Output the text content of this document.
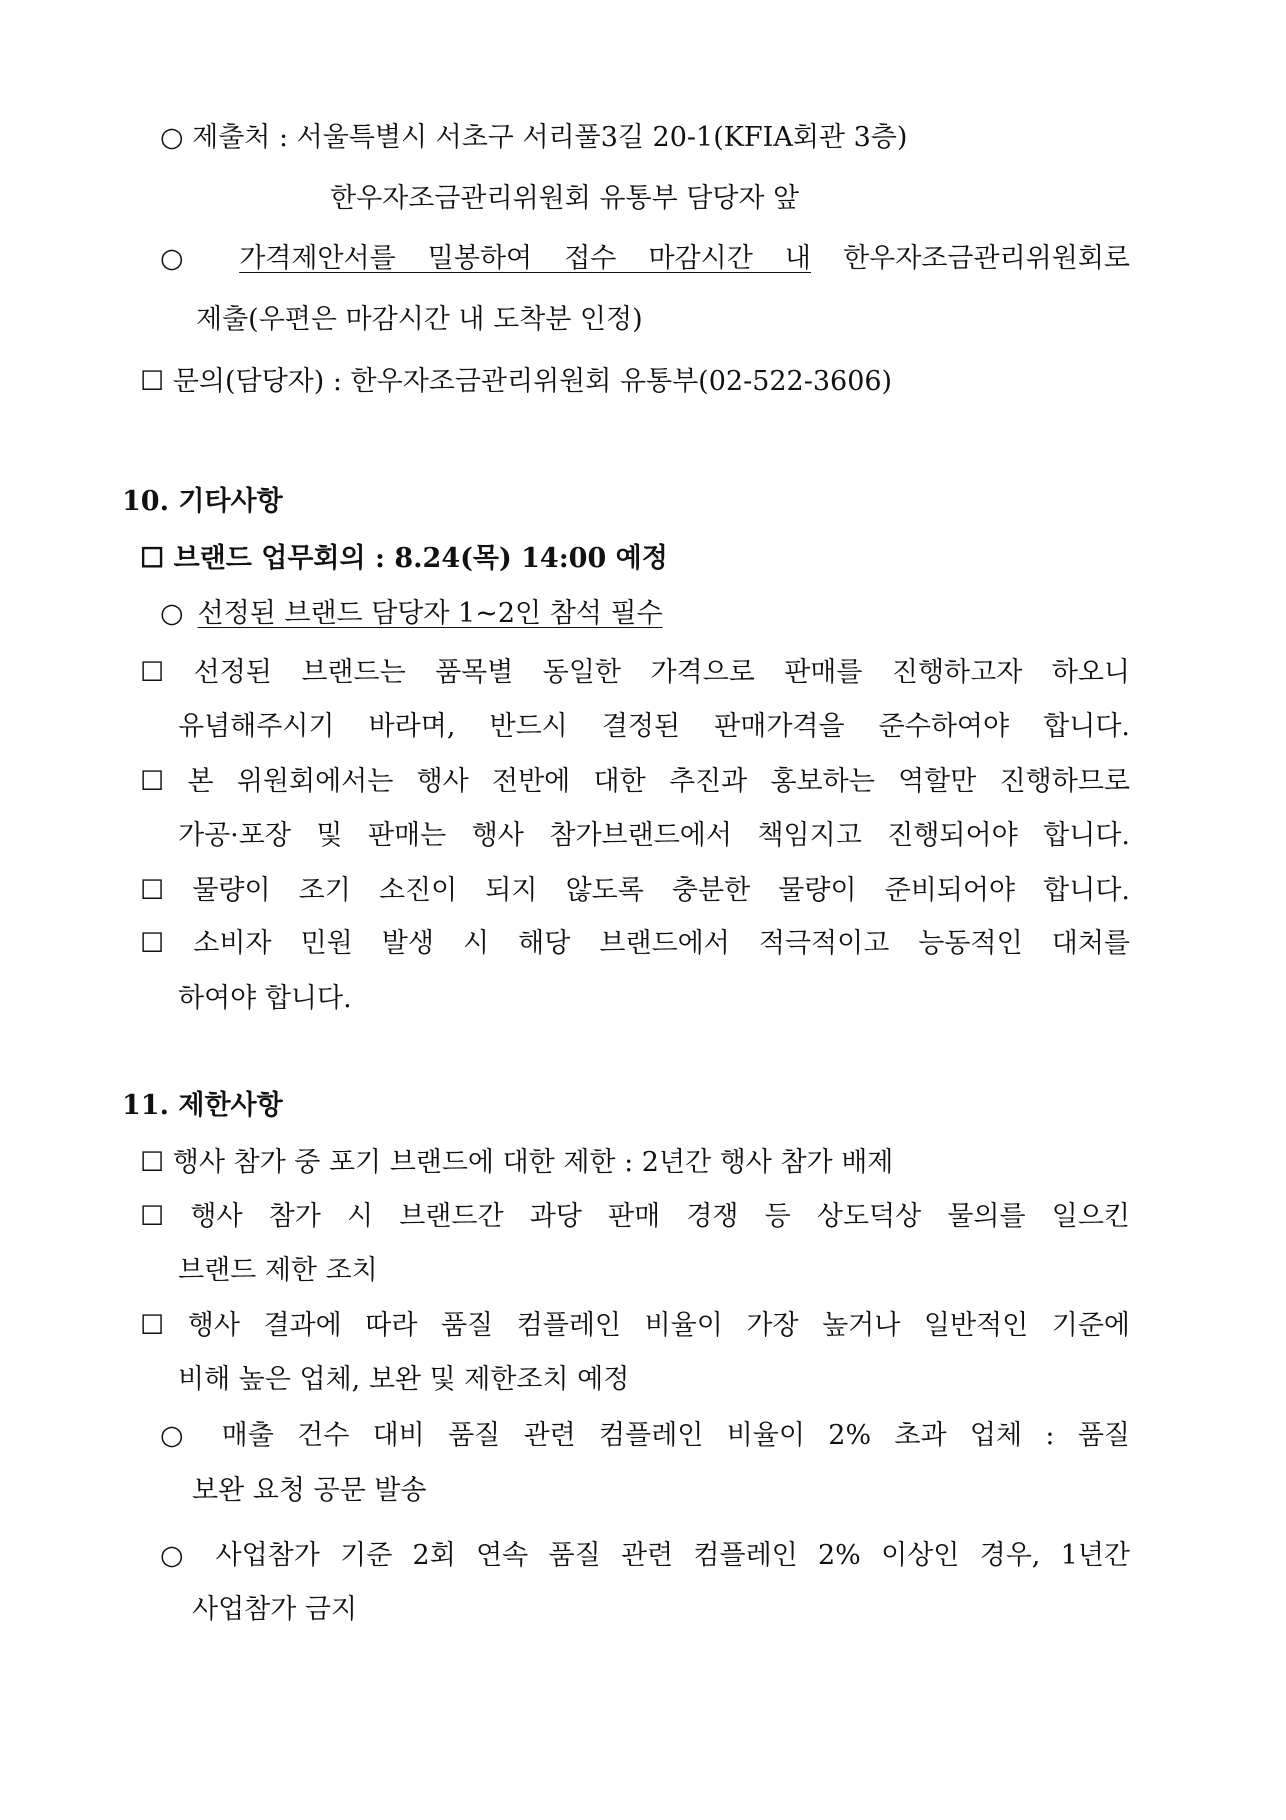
○ 제출처 : 서울특별시 서초구 서리풀3길 20-1(KFIA회관 3층)
한우자조금관리위원회 유통부 담당자 앞
○ 가격제안서를 밀봉하여 접수 마감시간 내 한우자조금관리위원회로
제출(우편은 마감시간 내 도착분 인정)
☐ 문의(담당자) : 한우자조금관리위원회 유통부(02-522-3606)
10. 기타사항
☐ 브랜드 업무회의 : 8.24(목) 14:00 예정
○ 선정된 브랜드 담당자 1~2인 참석 필수
☐ 선정된 브랜드는 품목별 동일한 가격으로 판매를 진행하고자 하오니
유념해주시기 바라며, 반드시 결정된 판매가격을 준수하여야 합니다.
☐ 본 위원회에서는 행사 전반에 대한 추진과 홍보하는 역할만 진행하므로
가공·포장 및 판매는 행사 참가브랜드에서 책임지고 진행되어야 합니다.
☐ 물량이 조기 소진이 되지 않도록 충분한 물량이 준비되어야 합니다.
☐ 소비자 민원 발생 시 해당 브랜드에서 적극적이고 능동적인 대처를
하여야 합니다.
11. 제한사항
☐ 행사 참가 중 포기 브랜드에 대한 제한 : 2년간 행사 참가 배제
☐ 행사 참가 시 브랜드간 과당 판매 경쟁 등 상도덕상 물의를 일으킨
브랜드 제한 조치
☐ 행사 결과에 따라 품질 컴플레인 비율이 가장 높거나 일반적인 기준에
비해 높은 업체, 보완 및 제한조치 예정
○ 매출 건수 대비 품질 관련 컴플레인 비율이 2% 초과 업체 : 품질
보완 요청 공문 발송
○ 사업참가 기준 2회 연속 품질 관련 컴플레인 2% 이상인 경우, 1년간
사업참가 금지
